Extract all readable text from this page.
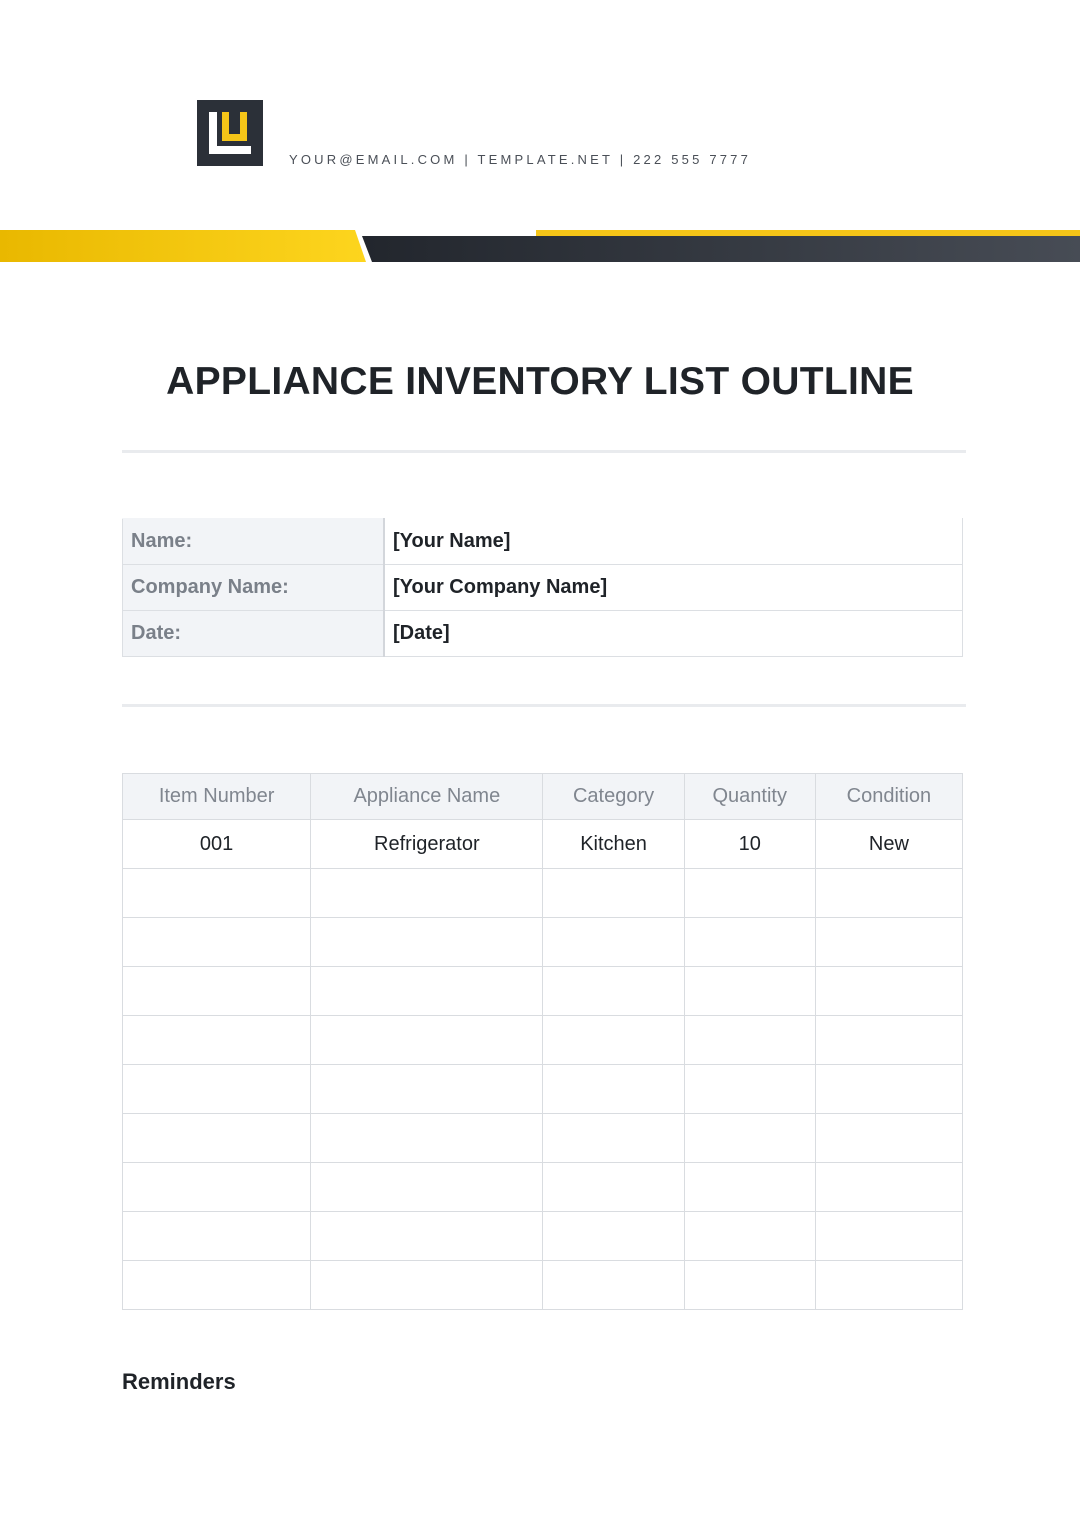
YOUR@EMAIL.COM | TEMPLATE.NET | 222 555 7777
APPLIANCE INVENTORY LIST OUTLINE
Name:	[Your Name]
Company Name:	[Your Company Name]
Date:	[Date]
Item Number	Appliance Name	Category	Quantity	Condition
001	Refrigerator	Kitchen	10	New

Reminders
